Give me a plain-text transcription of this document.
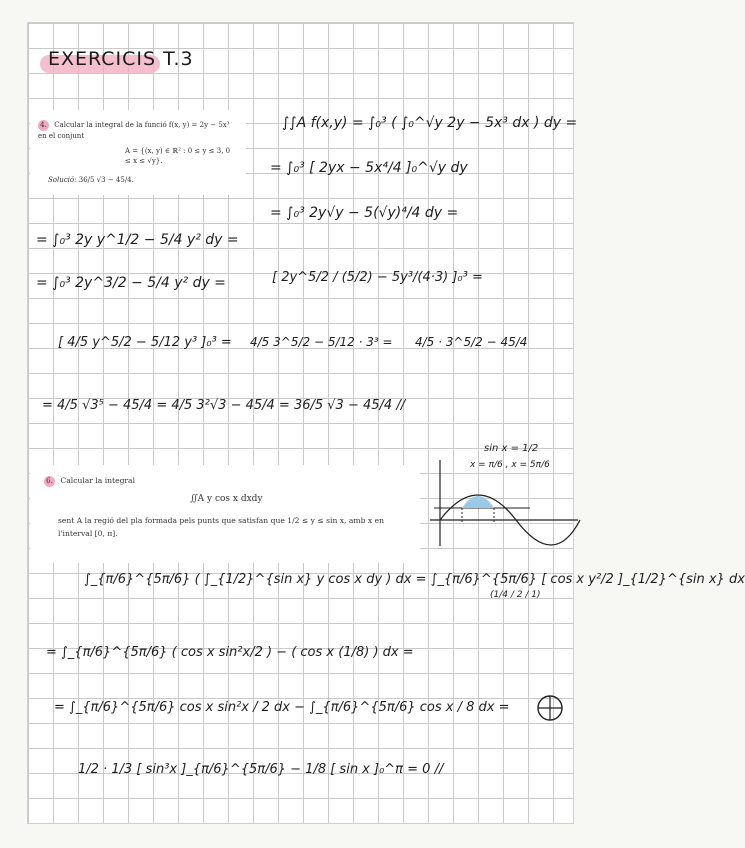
EXERCICIS T.3
4. Calcular la integral de la funció f(x, y) = 2y − 5x³ en el conjunt
A = {(x, y) ∈ ℝ² : 0 ≤ y ≤ 3, 0 ≤ x ≤ √y}.
Solució: 36/5 √3 − 45/4.
6. Calcular la integral
∬A y cos x dxdy
sent A la regió del pla formada pels punts que satisfan que 1/2 ≤ y ≤ sin x, amb x en
l'interval [0, π].
∫∫A f(x,y) = ∫₀³ ( ∫₀^√y 2y − 5x³ dx ) dy =
= ∫₀³ [ 2yx − 5x⁴/4 ]₀^√y dy
= ∫₀³ 2y√y − 5(√y)⁴/4 dy =
= ∫₀³ 2y y^1/2 − 5/4 y² dy =
= ∫₀³ 2y^3/2 − 5/4 y² dy =	[ 2y^5/2 / (5/2) − 5y³/(4·3) ]₀³ =
[ 4/5 y^5/2 − 5/12 y³ ]₀³ = 4/5 3^5/2 − 5/12 · 3³ = 4/5 · 3^5/2 − 45/4
= 4/5 √3⁵ − 45/4 = 4/5 3²√3 − 45/4 = 36/5 √3 − 45/4 //
sin x = 1/2
x = π/6 , x = 5π/6
∫_{π/6}^{5π/6} ( ∫_{1/2}^{sin x} y cos x dy ) dx = ∫_{π/6}^{5π/6} [ cos x y²/2 ]_{1/2}^{sin x} dx
= ∫_{π/6}^{5π/6} ( cos x sin²x/2 ) − ( cos x (1/8) ) dx =
= ∫_{π/6}^{5π/6} cos x sin²x / 2 dx − ∫_{π/6}^{5π/6} cos x / 8 dx =
1/2 · 1/3 [ sin³x ]_{π/6}^{5π/6} − 1/8 [ sin x ]₀^π = 0 //
(1/4 / 2 / 1)
